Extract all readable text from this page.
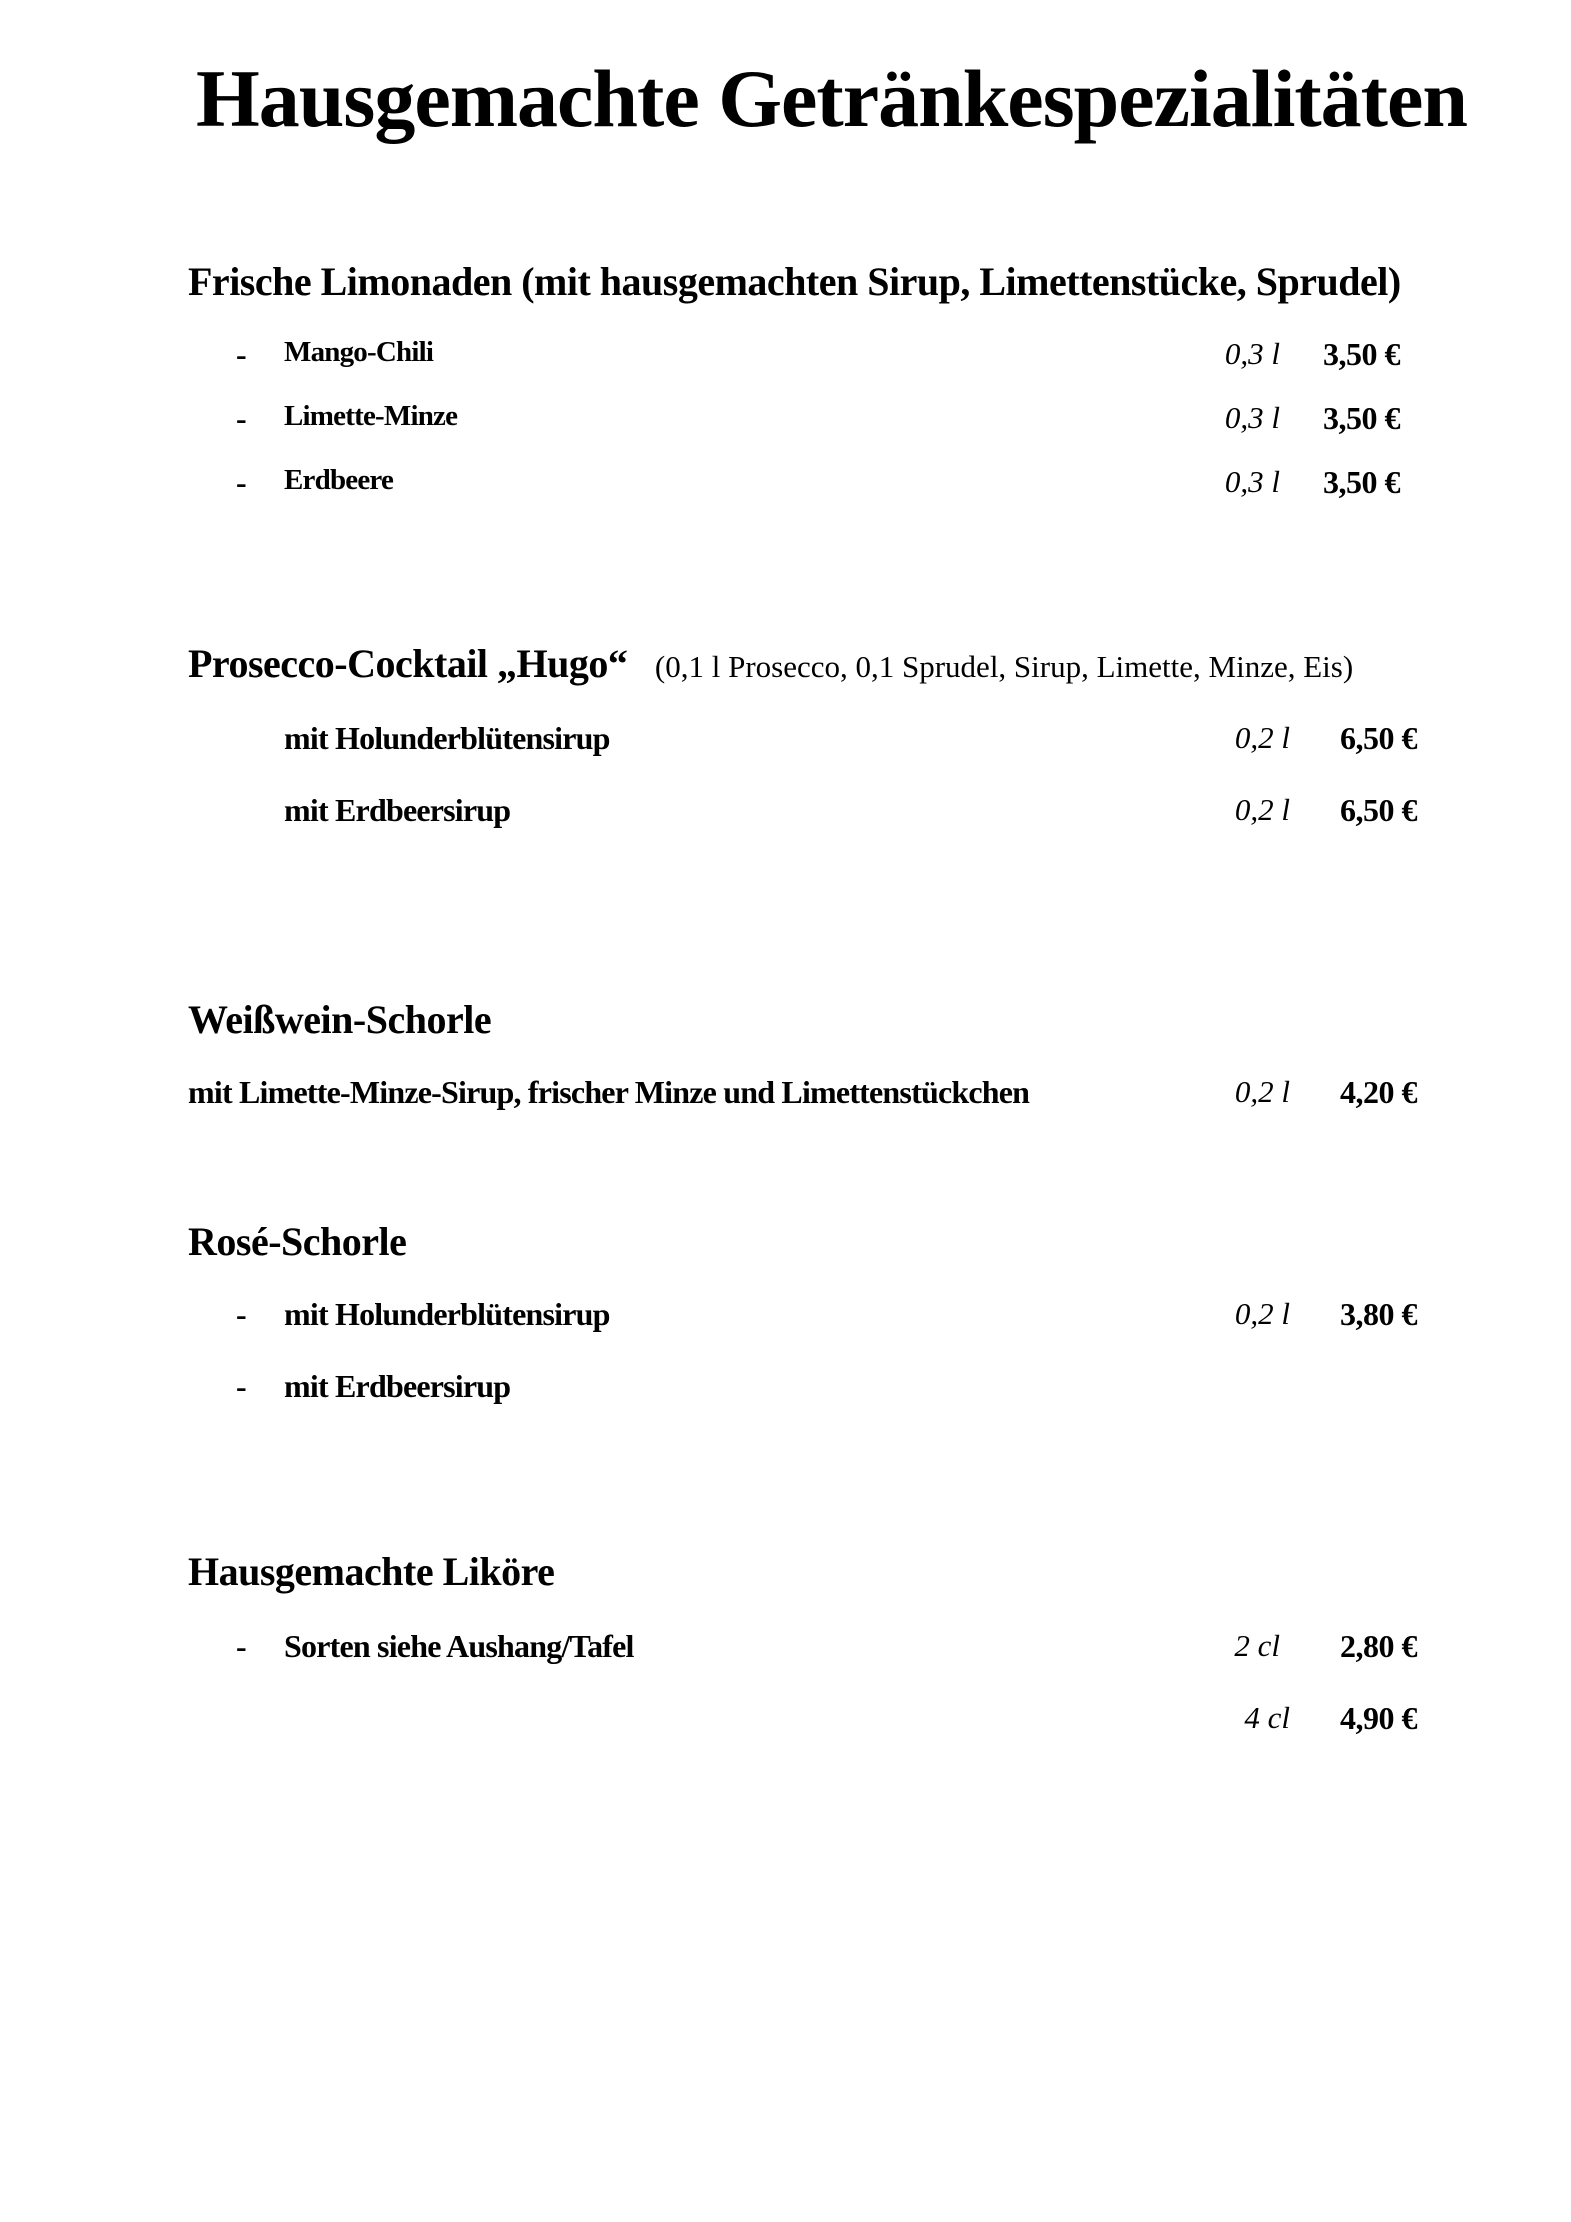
Hausgemachte Getränkespezialitäten
Frische Limonaden (mit hausgemachten Sirup, Limettenstücke, Sprudel)
- Mango-Chili	0,3 l 3,50 €
- Limette-Minze	0,3 l 3,50 €
- Erdbeere	0,3 l 3,50 €
Prosecco-Cocktail „Hugo“ (0,1 l Prosecco, 0,1 Sprudel, Sirup, Limette, Minze, Eis)
mit Holunderblütensirup	0,2 l 6,50 €
mit Erdbeersirup	0,2 l 6,50 €
Weißwein-Schorle
mit Limette-Minze-Sirup, frischer Minze und Limettenstückchen	0,2 l 4,20 €
Rosé-Schorle
- mit Holunderblütensirup	0,2 l 3,80 €
- mit Erdbeersirup
Hausgemachte Liköre
- Sorten siehe Aushang/Tafel	2 cl 2,80 €
4 cl 4,90 €
